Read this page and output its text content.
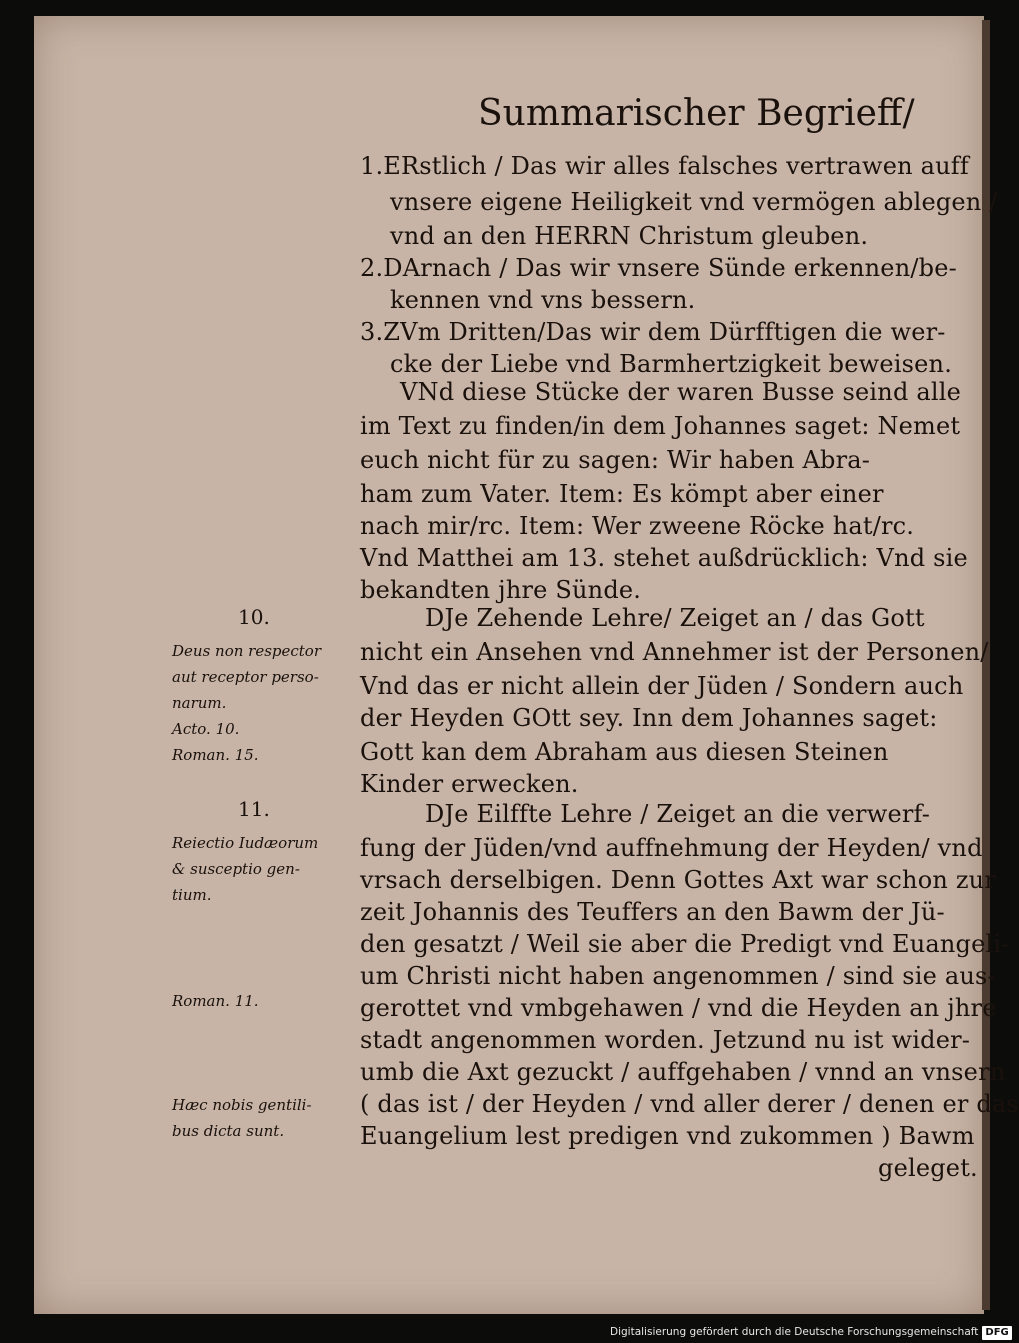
Summarischer Begrieff/
1.ERstlich / Das wir alles falsches vertrawen auff
vnsere eigene Heiligkeit vnd vermögen ablegen /
vnd an den HERRN Christum gleuben.
2.DArnach / Das wir vnsere Sünde erkennen/be-
kennen vnd vns bessern.
3.ZVm Dritten/Das wir dem Dürfftigen die wer-
cke der Liebe vnd Barmhertzigkeit beweisen.
VNd diese Stücke der waren Busse seind alle
im Text zu finden/in dem Johannes saget: Nemet
euch nicht für zu sagen: Wir haben Abra-
ham zum Vater. Item: Es kömpt aber einer
nach mir/rc. Item: Wer zweene Röcke hat/rc.
Vnd Matthei am 13. stehet außdrücklich: Vnd sie
bekandten jhre Sünde.
DJe Zehende Lehre/ Zeiget an / das Gott
nicht ein Ansehen vnd Annehmer ist der Personen/
Vnd das er nicht allein der Jüden / Sondern auch
der Heyden GOtt sey. Inn dem Johannes saget:
Gott kan dem Abraham aus diesen Steinen
Kinder erwecken.
DJe Eilffte Lehre / Zeiget an die verwerf-
fung der Jüden/vnd auffnehmung der Heyden/ vnd
vrsach derselbigen. Denn Gottes Axt war schon zur
zeit Johannis des Teuffers an den Bawm der Jü-
den gesatzt / Weil sie aber die Predigt vnd Euangeli-
um Christi nicht haben angenommen / sind sie aus-
gerottet vnd vmbgehawen / vnd die Heyden an jhre
stadt angenommen worden. Jetzund nu ist wider-
umb die Axt gezuckt / auffgehaben / vnnd an vnsern
( das ist / der Heyden / vnd aller derer / denen er das
Euangelium lest predigen vnd zukommen ) Bawm
geleget.
10.
Deus non respector
aut receptor perso-
narum.
Acto. 10.
Roman. 15.
11.
Reiectio Iudæorum
& susceptio gen-
tium.
Roman. 11.
Hæc nobis gentili-
bus dicta sunt.
Digitalisierung gefördert durch die Deutsche Forschungsgemeinschaft DFG
